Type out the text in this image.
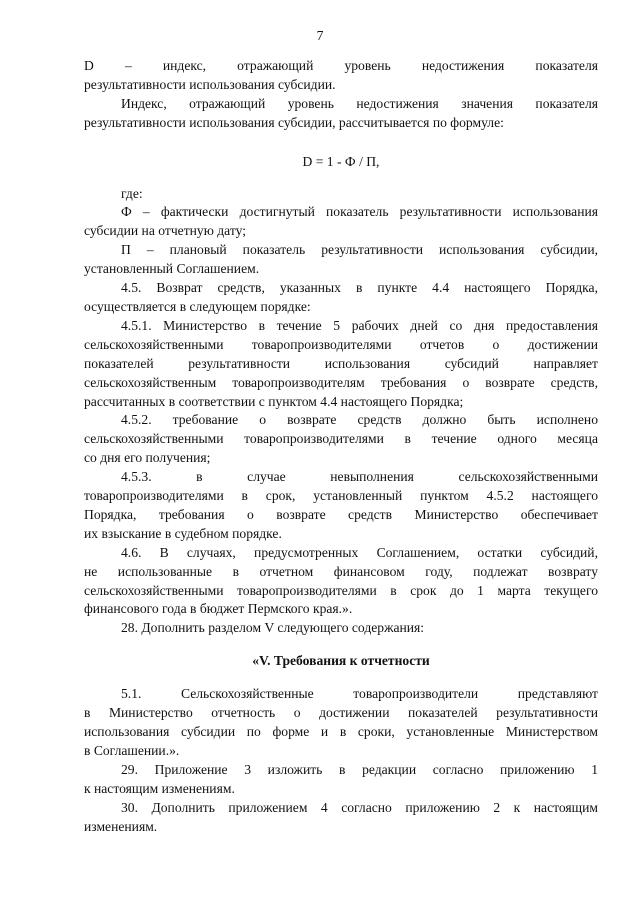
7

D – индекс, отражающий уровень недостижения показателя
результативности использования субсидии.

Индекс, отражающий уровень недостижения значения показателя
результативности использования субсидии, рассчитывается по формуле:

D = 1 - Ф / П,

где:

Ф – фактически достигнутый показатель результативности использования
субсидии на отчетную дату;

П – плановый показатель результативности использования субсидии,
установленный Соглашением.

4.5. Возврат средств, указанных в пункте 4.4 настоящего Порядка,
осуществляется в следующем порядке:

4.5.1. Министерство в течение 5 рабочих дней со дня предоставления
сельскохозяйственными товаропроизводителями отчетов о достижении
показателей результативности использования субсидий направляет
сельскохозяйственным товаропроизводителям требования о возврате средств,
рассчитанных в соответствии с пунктом 4.4 настоящего Порядка;

4.5.2. требование о возврате средств должно быть исполнено
сельскохозяйственными товаропроизводителями в течение одного месяца
со дня его получения;

4.5.3. в случае невыполнения сельскохозяйственными
товаропроизводителями в срок, установленный пунктом 4.5.2 настоящего
Порядка, требования о возврате средств Министерство обеспечивает
их взыскание в судебном порядке.

4.6. В случаях, предусмотренных Соглашением, остатки субсидий,
не использованные в отчетном финансовом году, подлежат возврату
сельскохозяйственными товаропроизводителями в срок до 1 марта текущего
финансового года в бюджет Пермского края.».

28. Дополнить разделом V следующего содержания:

«V. Требования к отчетности

5.1. Сельскохозяйственные товаропроизводители представляют
в Министерство отчетность о достижении показателей результативности
использования субсидии по форме и в сроки, установленные Министерством
в Соглашении.».

29. Приложение 3 изложить в редакции согласно приложению 1
к настоящим изменениям.

30. Дополнить приложением 4 согласно приложению 2 к настоящим
изменениям.
